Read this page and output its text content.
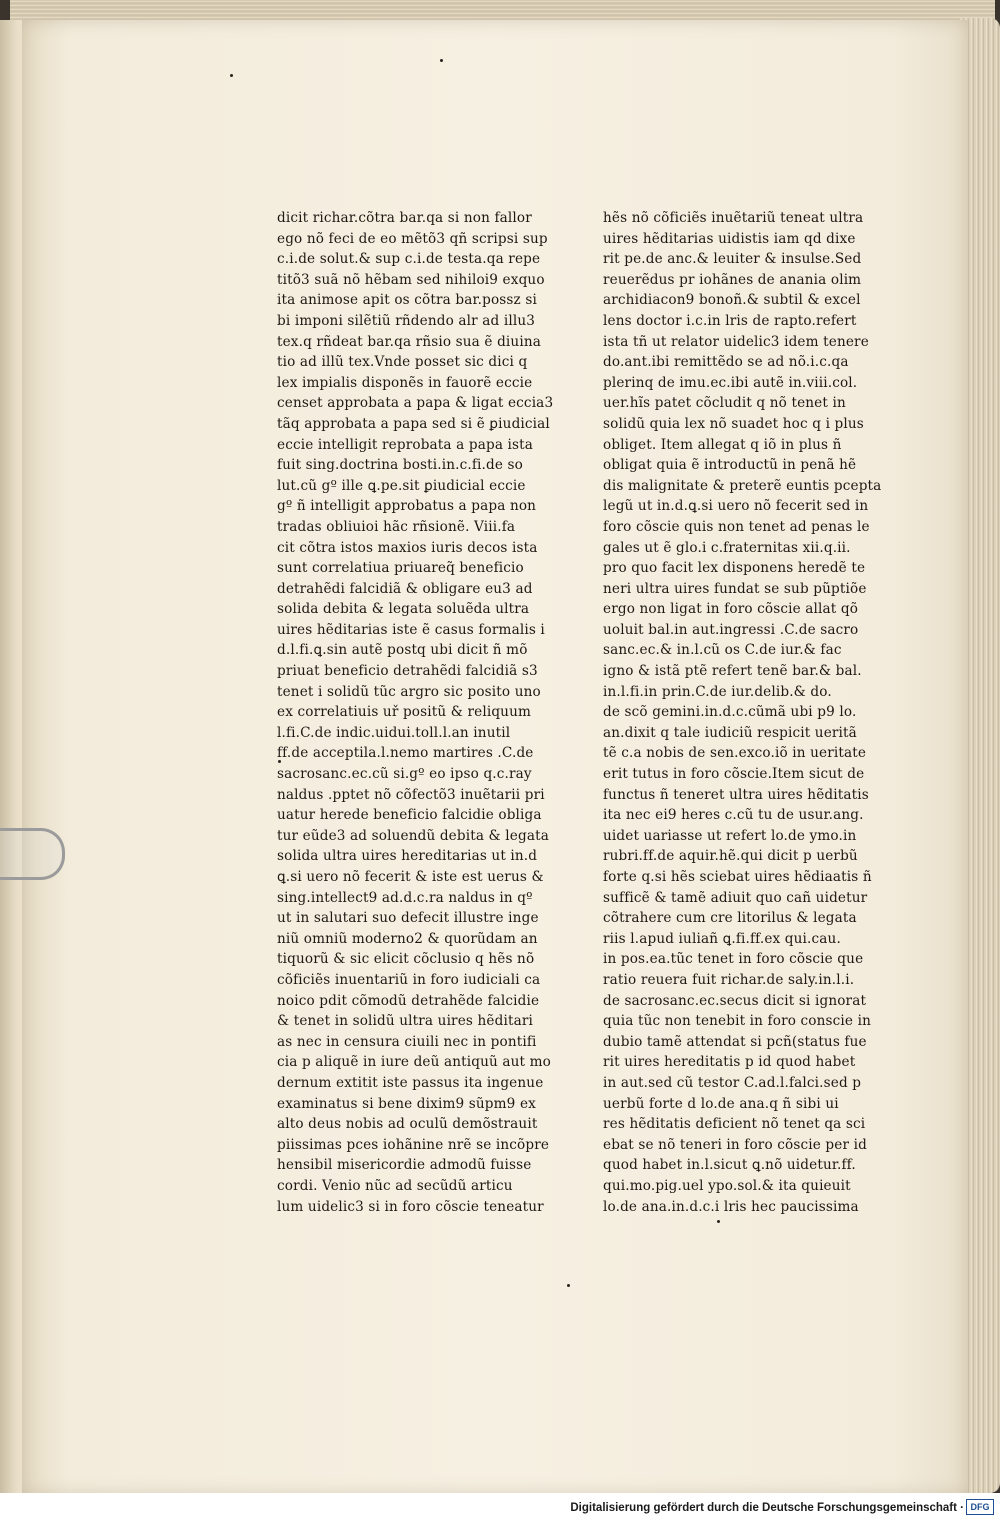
dicit richar.cõtra bar.qa si non fallor
ego nõ feci de eo mẽtõ3 qñ scripsi sup
c.i.de solut.& sup c.i.de testa.qa repe
titõ3 suã nõ hẽbam sed nihiloi9 exquo
ita animose apit os cõtra bar.possz si
bi imponi silẽtiũ rñdendo alr ad illu3
tex.q rñdeat bar.qa rñsio sua ẽ diuina
tio ad illũ tex.Vnde posset sic dici q
lex impialis disponẽs in fauorẽ eccie
censet approbata a papa & ligat eccia3
tãq approbata a papa sed si ẽ ꝑiudicial
eccie intelligit reprobata a papa ista
fuit sing.doctrina bosti.in.c.fi.de so
lut.cũ gº ille ꝗ.pe.sit ꝑiudicial eccie
gº ñ intelligit approbatus a papa non
tradas obliuioi hãc rñsionẽ. Viii.fa
cit cõtra istos maxios iuris decos ista
sunt correlatiua priuareq̃ beneficio
detrahẽdi falcidiã & obligare eu3 ad
solida debita & legata soluẽda ultra
uires hẽditarias iste ẽ casus formalis i
d.l.fi.ꝗ.sin autẽ postq ubi dicit ñ mõ
priuat beneficio detrahẽdi falcidiã s3
tenet i solidũ tũc argro sic posito uno
ex correlatiuis uř positũ & reliquum
l.fi.C.de indic.uidui.toll.l.an inutil
ff.de acceptila.l.nemo martires .C.de
sacrosanc.ec.cũ si.gº eo ipso q.c.ray
naldus .pptet nõ cõfectõ3 inuẽtarii pri
uatur herede beneficio falcidie obliga
tur eũde3 ad soluendũ debita & legata
solida ultra uires hereditarias ut in.d
ꝗ.si uero nõ fecerit & iste est uerus &
sing.intellect9 ad.d.c.ra naldus in qº
ut in salutari suo defecit illustre inge
niũ omniũ moderno2 & quorũdam an
tiquorũ & sic elicit cõclusio q hẽs nõ
cõficiẽs inuentariũ in foro iudiciali ca
noico pdit cõmodũ detrahẽde falcidie
& tenet in solidũ ultra uires hẽditari
as nec in censura ciuili nec in pontifi
cia p aliquẽ in iure deũ antiquũ aut mo
dernum extitit iste passus ita ingenue
examinatus si bene dixim9 sũpm9 ex
alto deus nobis ad oculũ demõstrauit
piissimas pces iohãnine nrẽ se incõpre
hensibil misericordie admodũ fuisse
cordi. Venio nũc ad secũdũ articu
lum uidelic3 si in foro cõscie teneatur
hẽs nõ cõficiẽs inuẽtariũ teneat ultra
uires hẽditarias uidistis iam qd dixe
rit pe.de anc.& leuiter & insulse.Sed
reuerẽdus pr iohãnes de anania olim
archidiacon9 bonoñ.& subtil & excel
lens doctor i.c.in lris de rapto.refert
ista tñ ut relator uidelic3 idem tenere
do.ant.ibi remittẽdo se ad nõ.i.c.qa
plerinq de imu.ec.ibi autẽ in.viii.col.
uer.hĩs patet cõcludit q nõ tenet in
solidũ quia lex nõ suadet hoc q i plus
obliget. Item allegat q iõ in plus ñ
obligat quia ẽ introductũ in penã hẽ
dis malignitate & preterẽ euntis pcepta
legũ ut in.d.ꝗ.si uero nõ fecerit sed in
foro cõscie quis non tenet ad penas le
gales ut ẽ glo.i c.fraternitas xii.q.ii.
pro quo facit lex disponens heredẽ te
neri ultra uires fundat se sub pũptiõe
ergo non ligat in foro cõscie allat qõ
uoluit bal.in aut.ingressi .C.de sacro
sanc.ec.& in.l.cũ os C.de iur.& fac
igno & istã ptẽ refert tenẽ bar.& bal.
in.l.fi.in prin.C.de iur.delib.& do.
de scõ gemini.in.d.c.cũmã ubi p9 lo.
an.dixit q tale iudiciũ respicit ueritã
tẽ c.a nobis de sen.exco.iõ in ueritate
erit tutus in foro cõscie.Item sicut de
functus ñ teneret ultra uires hẽditatis
ita nec ei9 heres c.cũ tu de usur.ang.
uidet uariasse ut refert lo.de ymo.in
rubri.ff.de aquir.hẽ.qui dicit p uerbũ
forte q.si hẽs sciebat uires hẽdiaatis ñ
sufficẽ & tamẽ adiuit quo cañ uidetur
cõtrahere cum cre litorilus & legata
riis l.apud iuliañ ꝗ.fi.ff.ex qui.cau.
in pos.ea.tũc tenet in foro cõscie que
ratio reuera fuit richar.de saly.in.l.i.
de sacrosanc.ec.secus dicit si ignorat
quia tũc non tenebit in foro conscie in
dubio tamẽ attendat si pcñ(status fue
rit uires hereditatis p id quod habet
in aut.sed cũ testor C.ad.l.falci.sed p
uerbũ forte d lo.de ana.q ñ sibi ui
res hẽditatis deficient nõ tenet qa sci
ebat se nõ teneri in foro cõscie per id
quod habet in.l.sicut ꝗ.nõ uidetur.ff.
qui.mo.pig.uel ypo.sol.& ita quieuit
lo.de ana.in.d.c.i lris hec paucissima
Digitalisierung gefördert durch die Deutsche Forschungsgemeinschaft · DFG
